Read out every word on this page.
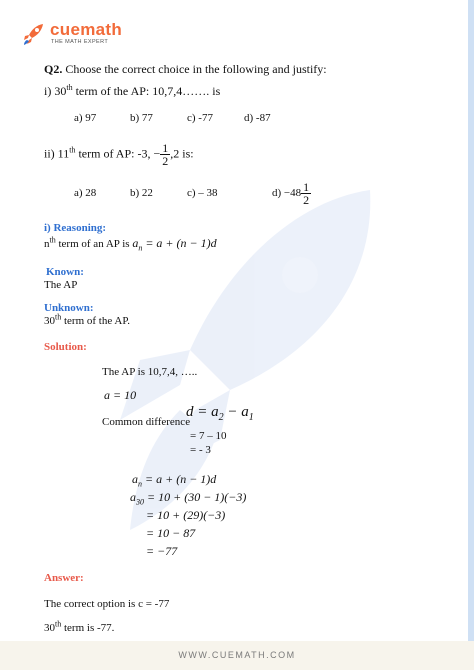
cuemath
THE MATH EXPERT
Q2. Choose the correct choice in the following and justify:
i) 30th term of the AP: 10,7,4……. is
a) 97	b) 77	c) -77	d) -87
ii) 11th term of AP: -3, − $\frac{1}{2} ,2$ is:
a) 28	b) 22	c) – 38	$d) -48 \frac{1}{2}$
i) Reasoning:
$n^{th}$ term of an AP is $a_n = a + (n - 1)d$
Known:
The AP
Unknown:
30th term of the AP.
Solution:
The AP is 10,7,4, …..
a = 10
Common difference
$d = a_2 - a_1$
= 7 – 10
= - 3
$a_n = a + (n - 1)d$
$a_{30} = 10 + (30 - 1)(-3)$
= 10 + (29)(−3)
= 10 − 87
= −77
Answer:
The correct option is c = -77
30th term is -77.
WWW.CUEMATH.COM
